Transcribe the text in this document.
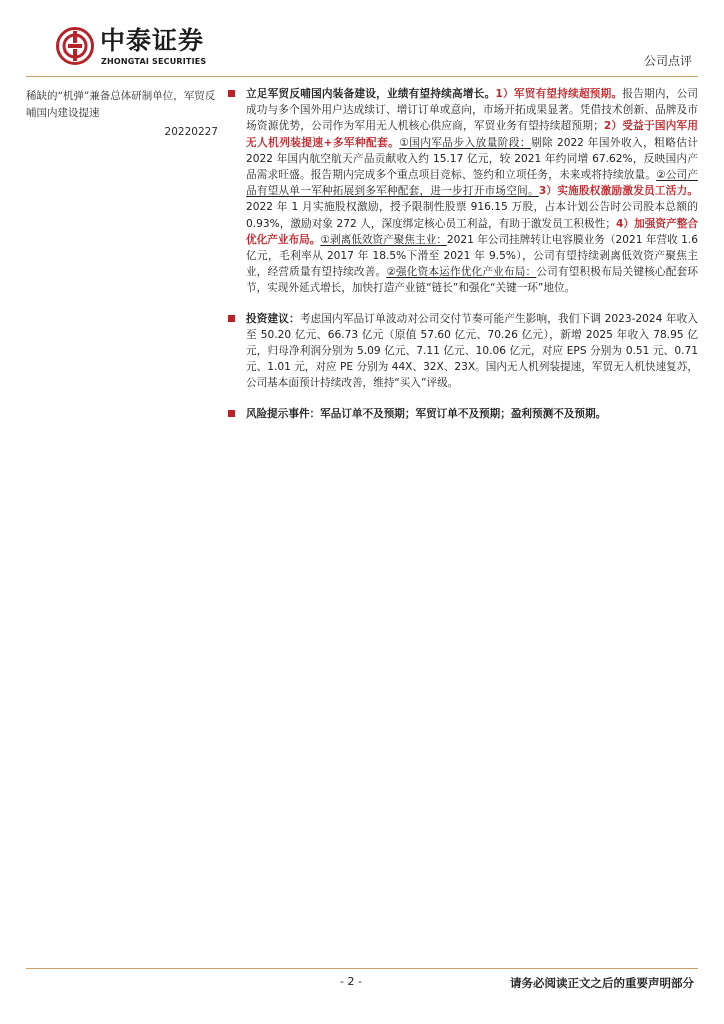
中泰证券
ZHONGTAI SECURITIES	公司点评
稀缺的“机弹”兼备总体研制单位，军贸反哺国内建设提速
20220227
立足军贸反哺国内装备建设，业绩有望持续高增长。1）军贸有望持续超预期。报告期内，公司成功与多个国外用户达成续订、增订订单或意向，市场开拓成果显著。凭借技术创新、品牌及市场资源优势，公司作为军用无人机核心供应商，军贸业务有望持续超预期；2）受益于国内军用无人机列装提速+多军种配套。①国内军品步入放量阶段：剔除 2022 年国外收入，粗略估计 2022 年国内航空航天产品贡献收入约 15.17 亿元，较 2021 年约同增 67.62%，反映国内产品需求旺盛。报告期内完成多个重点项目竞标、签约和立项任务，未来或将持续放量。②公司产品有望从单一军种拓展到多军种配套，进一步打开市场空间。3）实施股权激励激发员工活力。2022 年 1 月实施股权激励，授予限制性股票 916.15 万股，占本计划公告时公司股本总额的 0.93%，激励对象 272 人，深度绑定核心员工利益，有助于激发员工积极性；4）加强资产整合优化产业布局。①剥离低效资产聚焦主业：2021 年公司挂牌转让电容膜业务（2021 年营收 1.6 亿元，毛利率从 2017 年 18.5%下滑至 2021 年 9.5%），公司有望持续剥离低效资产聚焦主业，经营质量有望持续改善。②强化资本运作优化产业布局：公司有望积极布局关键核心配套环节，实现外延式增长，加快打造产业链“链长”和强化“关键一环”地位。
投资建议：考虑国内军品订单波动对公司交付节奏可能产生影响，我们下调 2023-2024 年收入至 50.20 亿元、66.73 亿元（原值 57.60 亿元、70.26 亿元），新增 2025 年收入 78.95 亿元，归母净利润分别为 5.09 亿元、7.11 亿元、10.06 亿元，对应 EPS 分别为 0.51 元、0.71 元、1.01 元，对应 PE 分别为 44X、32X、23X。国内无人机列装提速，军贸无人机快速复苏，公司基本面预计持续改善，维持“买入”评级。
风险提示事件：军品订单不及预期；军贸订单不及预期；盈利预测不及预期。
- 2 -	请务必阅读正文之后的重要声明部分
